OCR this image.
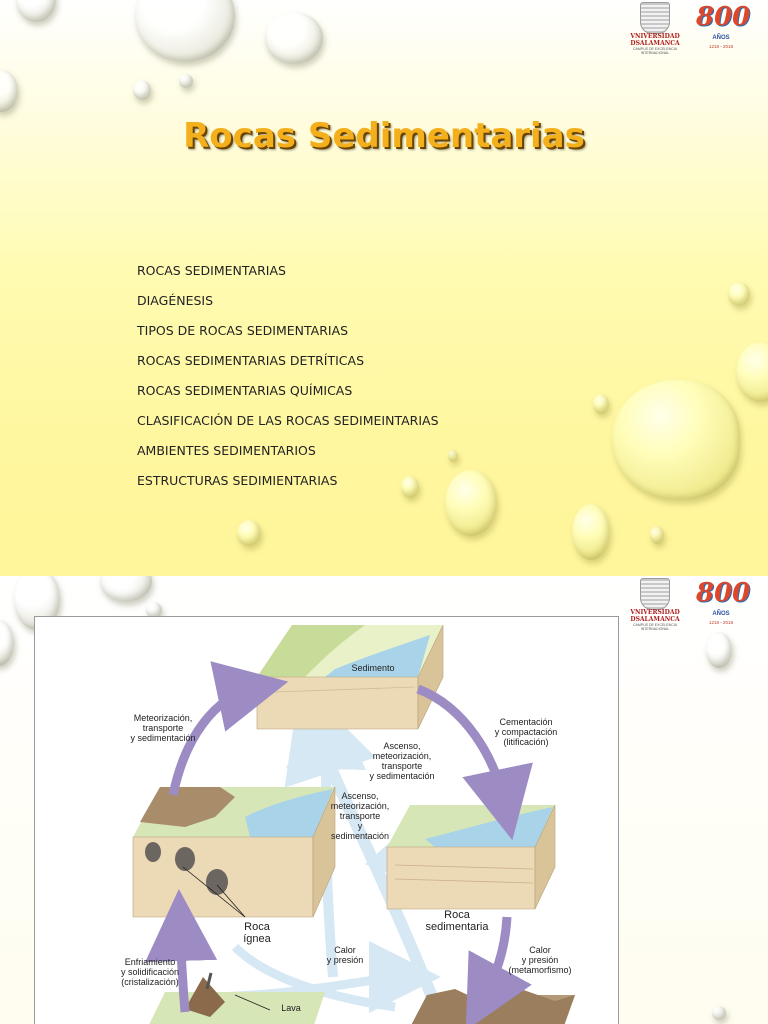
VNIVERSIDAD
DSALAMANCA
CAMPUS DE EXCELENCIA INTERNACIONAL
800
AÑOS
1218 - 2018
Rocas Sedimentarias
ROCAS SEDIMENTARIAS
DIAGÉNESIS
TIPOS DE ROCAS SEDIMENTARIAS
ROCAS SEDIMENTARIAS DETRÍTICAS
ROCAS SEDIMENTARIAS QUÍMICAS
CLASIFICACIÓN DE LAS ROCAS SEDIMEINTARIAS
AMBIENTES SEDIMENTARIOS
ESTRUCTURAS SEDIMIENTARIAS
VNIVERSIDAD
DSALAMANCA
CAMPUS DE EXCELENCIA INTERNACIONAL
800
AÑOS
1218 - 2018
Sedimento
Meteorización,
transporte
y sedimentación
Cementación
y compactación
(litificación)
Ascenso,
meteorización,
transporte
y sedimentación
Ascenso,
meteorización,
transporte
y
sedimentación
Roca
sedimentaria
Roca
ígnea
Calor
y presión
Calor
y presión
(metamorfismo)
Enfriamiento
y solidificación
(cristalización)
Lava
